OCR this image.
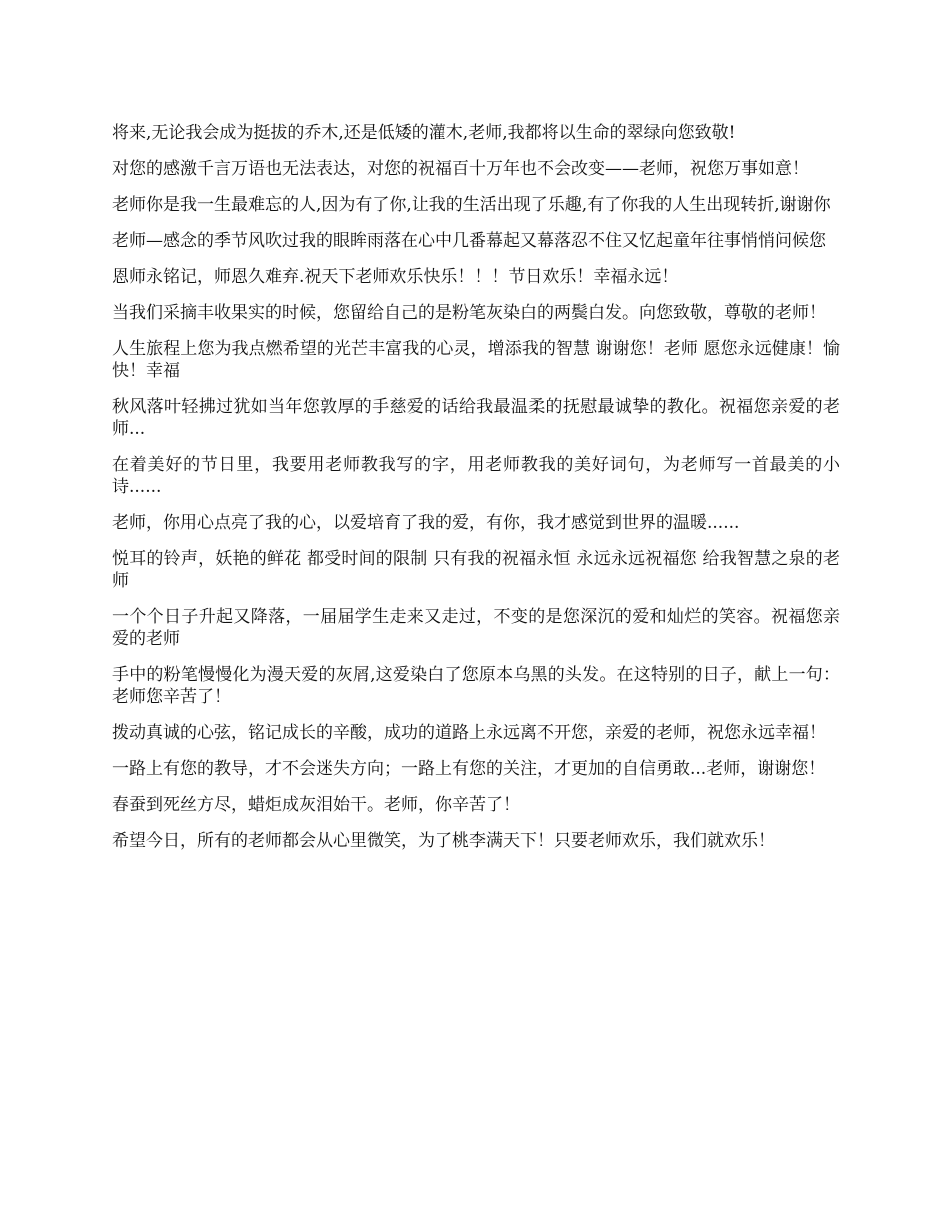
将来,无论我会成为挺拔的乔木,还是低矮的灌木,老师,我都将以生命的翠绿向您致敬!

对您的感激千言万语也无法表达，对您的祝福百十万年也不会改变——老师，祝您万事如意！

老师你是我一生最难忘的人,因为有了你,让我的生活出现了乐趣,有了你我的人生出现转折,谢谢你

老师—感念的季节风吹过我的眼眸雨落在心中几番幕起又幕落忍不住又忆起童年往事悄悄问候您

恩师永铭记，师恩久难弃.祝天下老师欢乐快乐！！！节日欢乐！幸福永远！

当我们采摘丰收果实的时候，您留给自己的是粉笔灰染白的两鬓白发。向您致敬，尊敬的老师！

人生旅程上您为我点燃希望的光芒丰富我的心灵，增添我的智慧 谢谢您！老师 愿您永远健康！愉快！幸福

秋风落叶轻拂过犹如当年您敦厚的手慈爱的话给我最温柔的抚慰最诚挚的教化。祝福您亲爱的老师...

在着美好的节日里，我要用老师教我写的字，用老师教我的美好词句，为老师写一首最美的小诗......

老师，你用心点亮了我的心，以爱培育了我的爱，有你，我才感觉到世界的温暖......

悦耳的铃声，妖艳的鲜花 都受时间的限制 只有我的祝福永恒 永远永远祝福您 给我智慧之泉的老师

一个个日子升起又降落，一届届学生走来又走过，不变的是您深沉的爱和灿烂的笑容。祝福您亲爱的老师

手中的粉笔慢慢化为漫天爱的灰屑,这爱染白了您原本乌黑的头发。在这特别的日子，献上一句：老师您辛苦了！

拨动真诚的心弦，铭记成长的辛酸，成功的道路上永远离不开您，亲爱的老师，祝您永远幸福！

一路上有您的教导，才不会迷失方向；一路上有您的关注，才更加的自信勇敢...老师，谢谢您！

春蚕到死丝方尽，蜡炬成灰泪始干。老师，你辛苦了！

希望今日，所有的老师都会从心里微笑，为了桃李满天下！只要老师欢乐，我们就欢乐！
